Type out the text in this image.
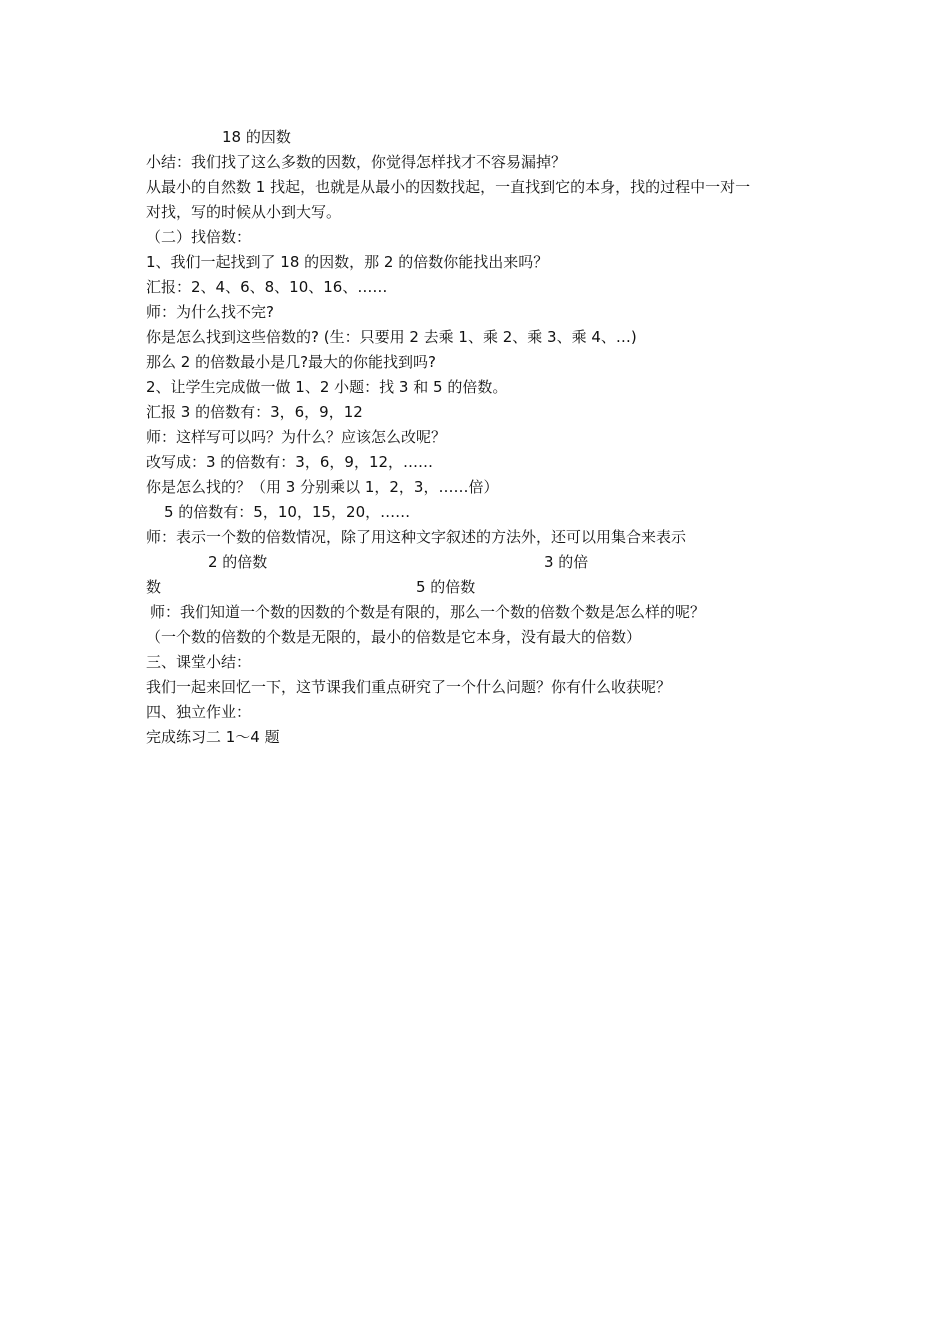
18 的因数
小结：我们找了这么多数的因数，你觉得怎样找才不容易漏掉？
从最小的自然数 1 找起，也就是从最小的因数找起，一直找到它的本身，找的过程中一对一
对找，写的时候从小到大写。
（二）找倍数：
1、我们一起找到了 18 的因数，那 2 的倍数你能找出来吗？
汇报：2、4、6、8、10、16、……
师：为什么找不完?
你是怎么找到这些倍数的? (生：只要用 2 去乘 1、乘 2、乘 3、乘 4、…)
那么 2 的倍数最小是几?最大的你能找到吗?
2、让学生完成做一做 1、2 小题：找 3 和 5 的倍数。
汇报 3 的倍数有：3，6，9，12
师：这样写可以吗？为什么？应该怎么改呢？
改写成：3 的倍数有：3，6，9，12，……
你是怎么找的？（用 3 分别乘以 1，2，3，……倍）
5 的倍数有：5，10，15，20，……
师：表示一个数的倍数情况，除了用这种文字叙述的方法外，还可以用集合来表示
2 的倍数	3 的倍
数	5 的倍数
师：我们知道一个数的因数的个数是有限的，那么一个数的倍数个数是怎么样的呢？
（一个数的倍数的个数是无限的，最小的倍数是它本身，没有最大的倍数）
三、课堂小结：
我们一起来回忆一下，这节课我们重点研究了一个什么问题？你有什么收获呢？
四、独立作业：
完成练习二 1～4 题
